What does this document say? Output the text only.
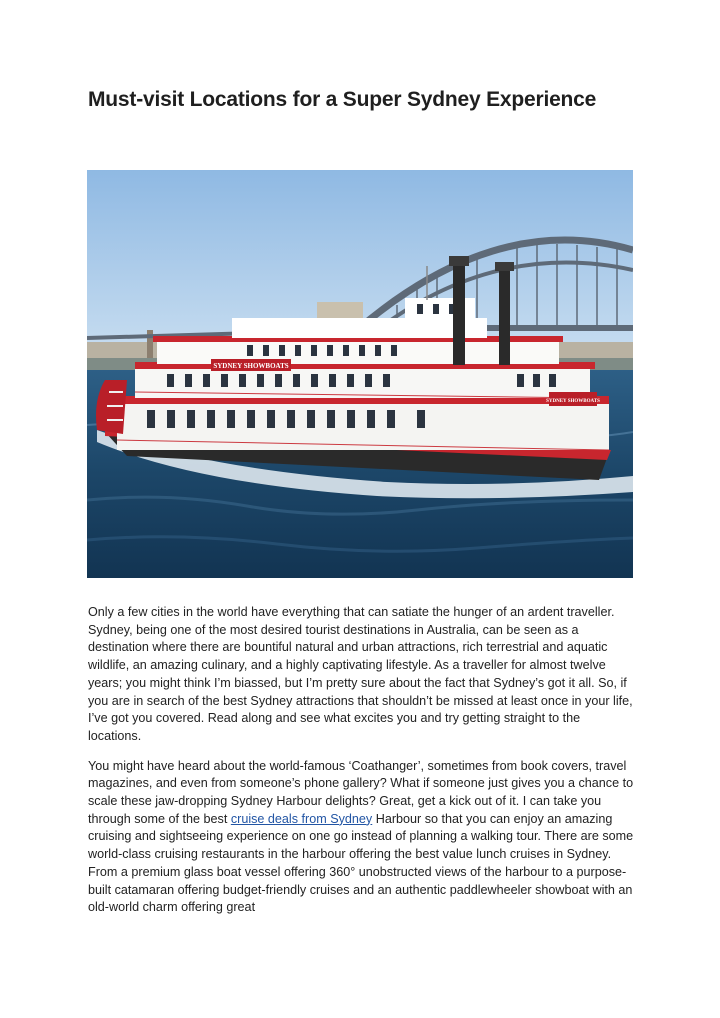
Must-visit Locations for a Super Sydney Experience
SYDNEY SHOWBOATS
SYDNEY SHOWBOATS

Only a few cities in the world have everything that can satiate the hunger of an ardent traveller. Sydney, being one of the most desired tourist destinations in Australia, can be seen as a destination where there are bountiful natural and urban attractions, rich terrestrial and aquatic wildlife, an amazing culinary, and a highly captivating lifestyle. As a traveller for almost twelve years; you might think I’m biassed, but I’m pretty sure about the fact that Sydney’s got it all. So, if you are in search of the best Sydney attractions that shouldn’t be missed at least once in your life, I’ve got you covered. Read along and see what excites you and try getting straight to the locations.

You might have heard about the world-famous ‘Coathanger’, sometimes from book covers, travel magazines, and even from someone’s phone gallery? What if someone just gives you a chance to scale these jaw-dropping Sydney Harbour delights? Great, get a kick out of it. I can take you through some of the best cruise deals from Sydney Harbour so that you can enjoy an amazing cruising and sightseeing experience on one go instead of planning a walking tour. There are some world-class cruising restaurants in the harbour offering the best value lunch cruises in Sydney. From a premium glass boat vessel offering 360° unobstructed views of the harbour to a purpose-built catamaran offering budget-friendly cruises and an authentic paddlewheeler showboat with an old-world charm offering great
